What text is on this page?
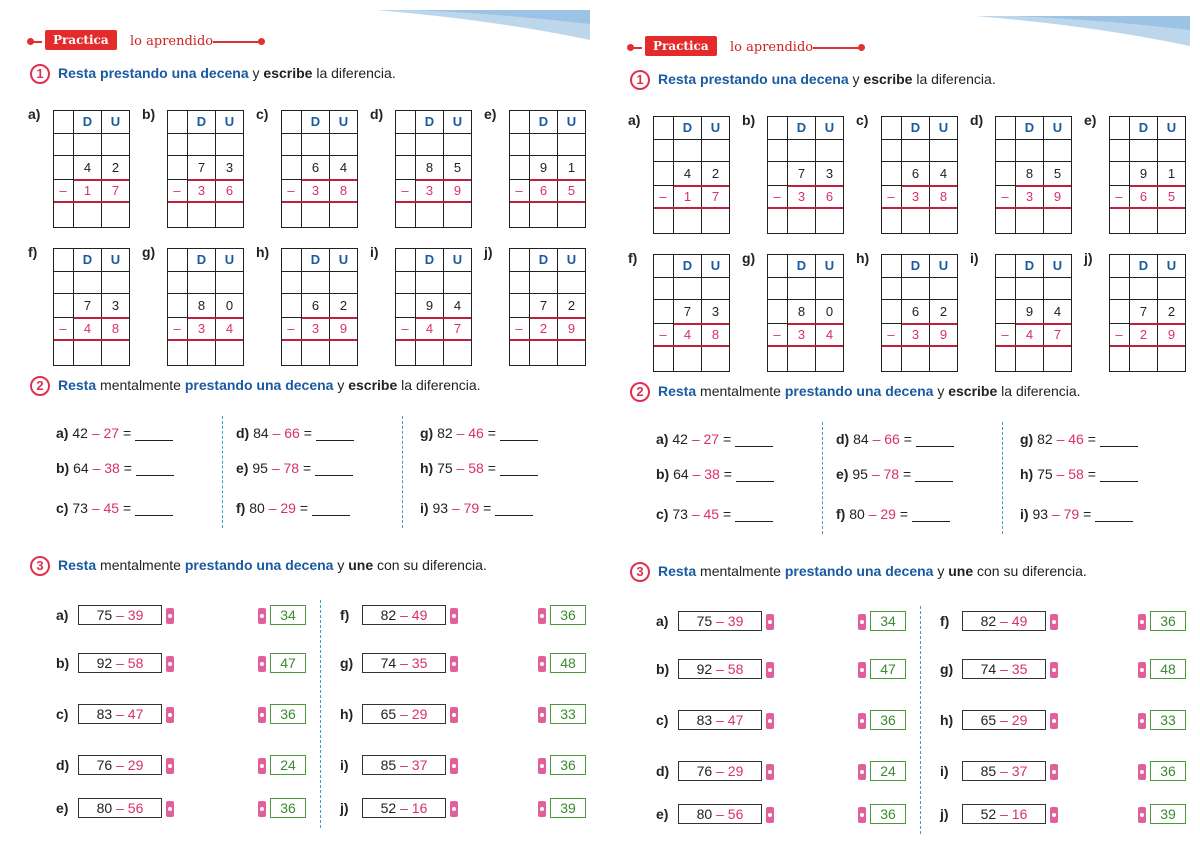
Practica	lo aprendido
1	Resta prestando una decena y escribe la diferencia.
2	Resta mentalmente prestando una decena y escribe la diferencia.
3	Resta mentalmente prestando una decena y une con su diferencia.
a)	D	U
4	2
–	1	7
b)	D	U
7	3
–	3	6
c)	D	U
6	4
–	3	8
d)	D	U
8	5
–	3	9
e)	D	U
9	1
–	6	5
f)	D	U
7	3
–	4	8
g)	D	U
8	0
–	3	4
h)	D	U
6	2
–	3	9
i)	D	U
9	4
–	4	7
j)	D	U
7	2
–	2	9
a) 42 – 27 =
b) 64 – 38 =
c) 73 – 45 =
d) 84 – 66 =
e) 95 – 78 =
f) 80 – 29 =
g) 82 – 46 =
h) 75 – 58 =
i) 93 – 79 =
a) 75 – 39	34
b) 92 – 58	47
c) 83 – 47	36
d) 76 – 29	24
e) 80 – 56	36
f) 82 – 49	36
g) 74 – 35	48
h) 65 – 29	33
i) 85 – 37	36
j) 52 – 16	39
Practica	lo aprendido
1	Resta prestando una decena y escribe la diferencia.
2	Resta mentalmente prestando una decena y escribe la diferencia.
3	Resta mentalmente prestando una decena y une con su diferencia.
a)	D	U
4	2
–	1	7
b)	D	U
7	3
–	3	6
c)	D	U
6	4
–	3	8
d)	D	U
8	5
–	3	9
e)	D	U
9	1
–	6	5
f)	D	U
7	3
–	4	8
g)	D	U
8	0
–	3	4
h)	D	U
6	2
–	3	9
i)	D	U
9	4
–	4	7
j)	D	U
7	2
–	2	9
a) 42 – 27 =
b) 64 – 38 =
c) 73 – 45 =
d) 84 – 66 =
e) 95 – 78 =
f) 80 – 29 =
g) 82 – 46 =
h) 75 – 58 =
i) 93 – 79 =
a) 75 – 39	34
b) 92 – 58	47
c) 83 – 47	36
d) 76 – 29	24
e) 80 – 56	36
f) 82 – 49	36
g) 74 – 35	48
h) 65 – 29	33
i) 85 – 37	36
j) 52 – 16	39
